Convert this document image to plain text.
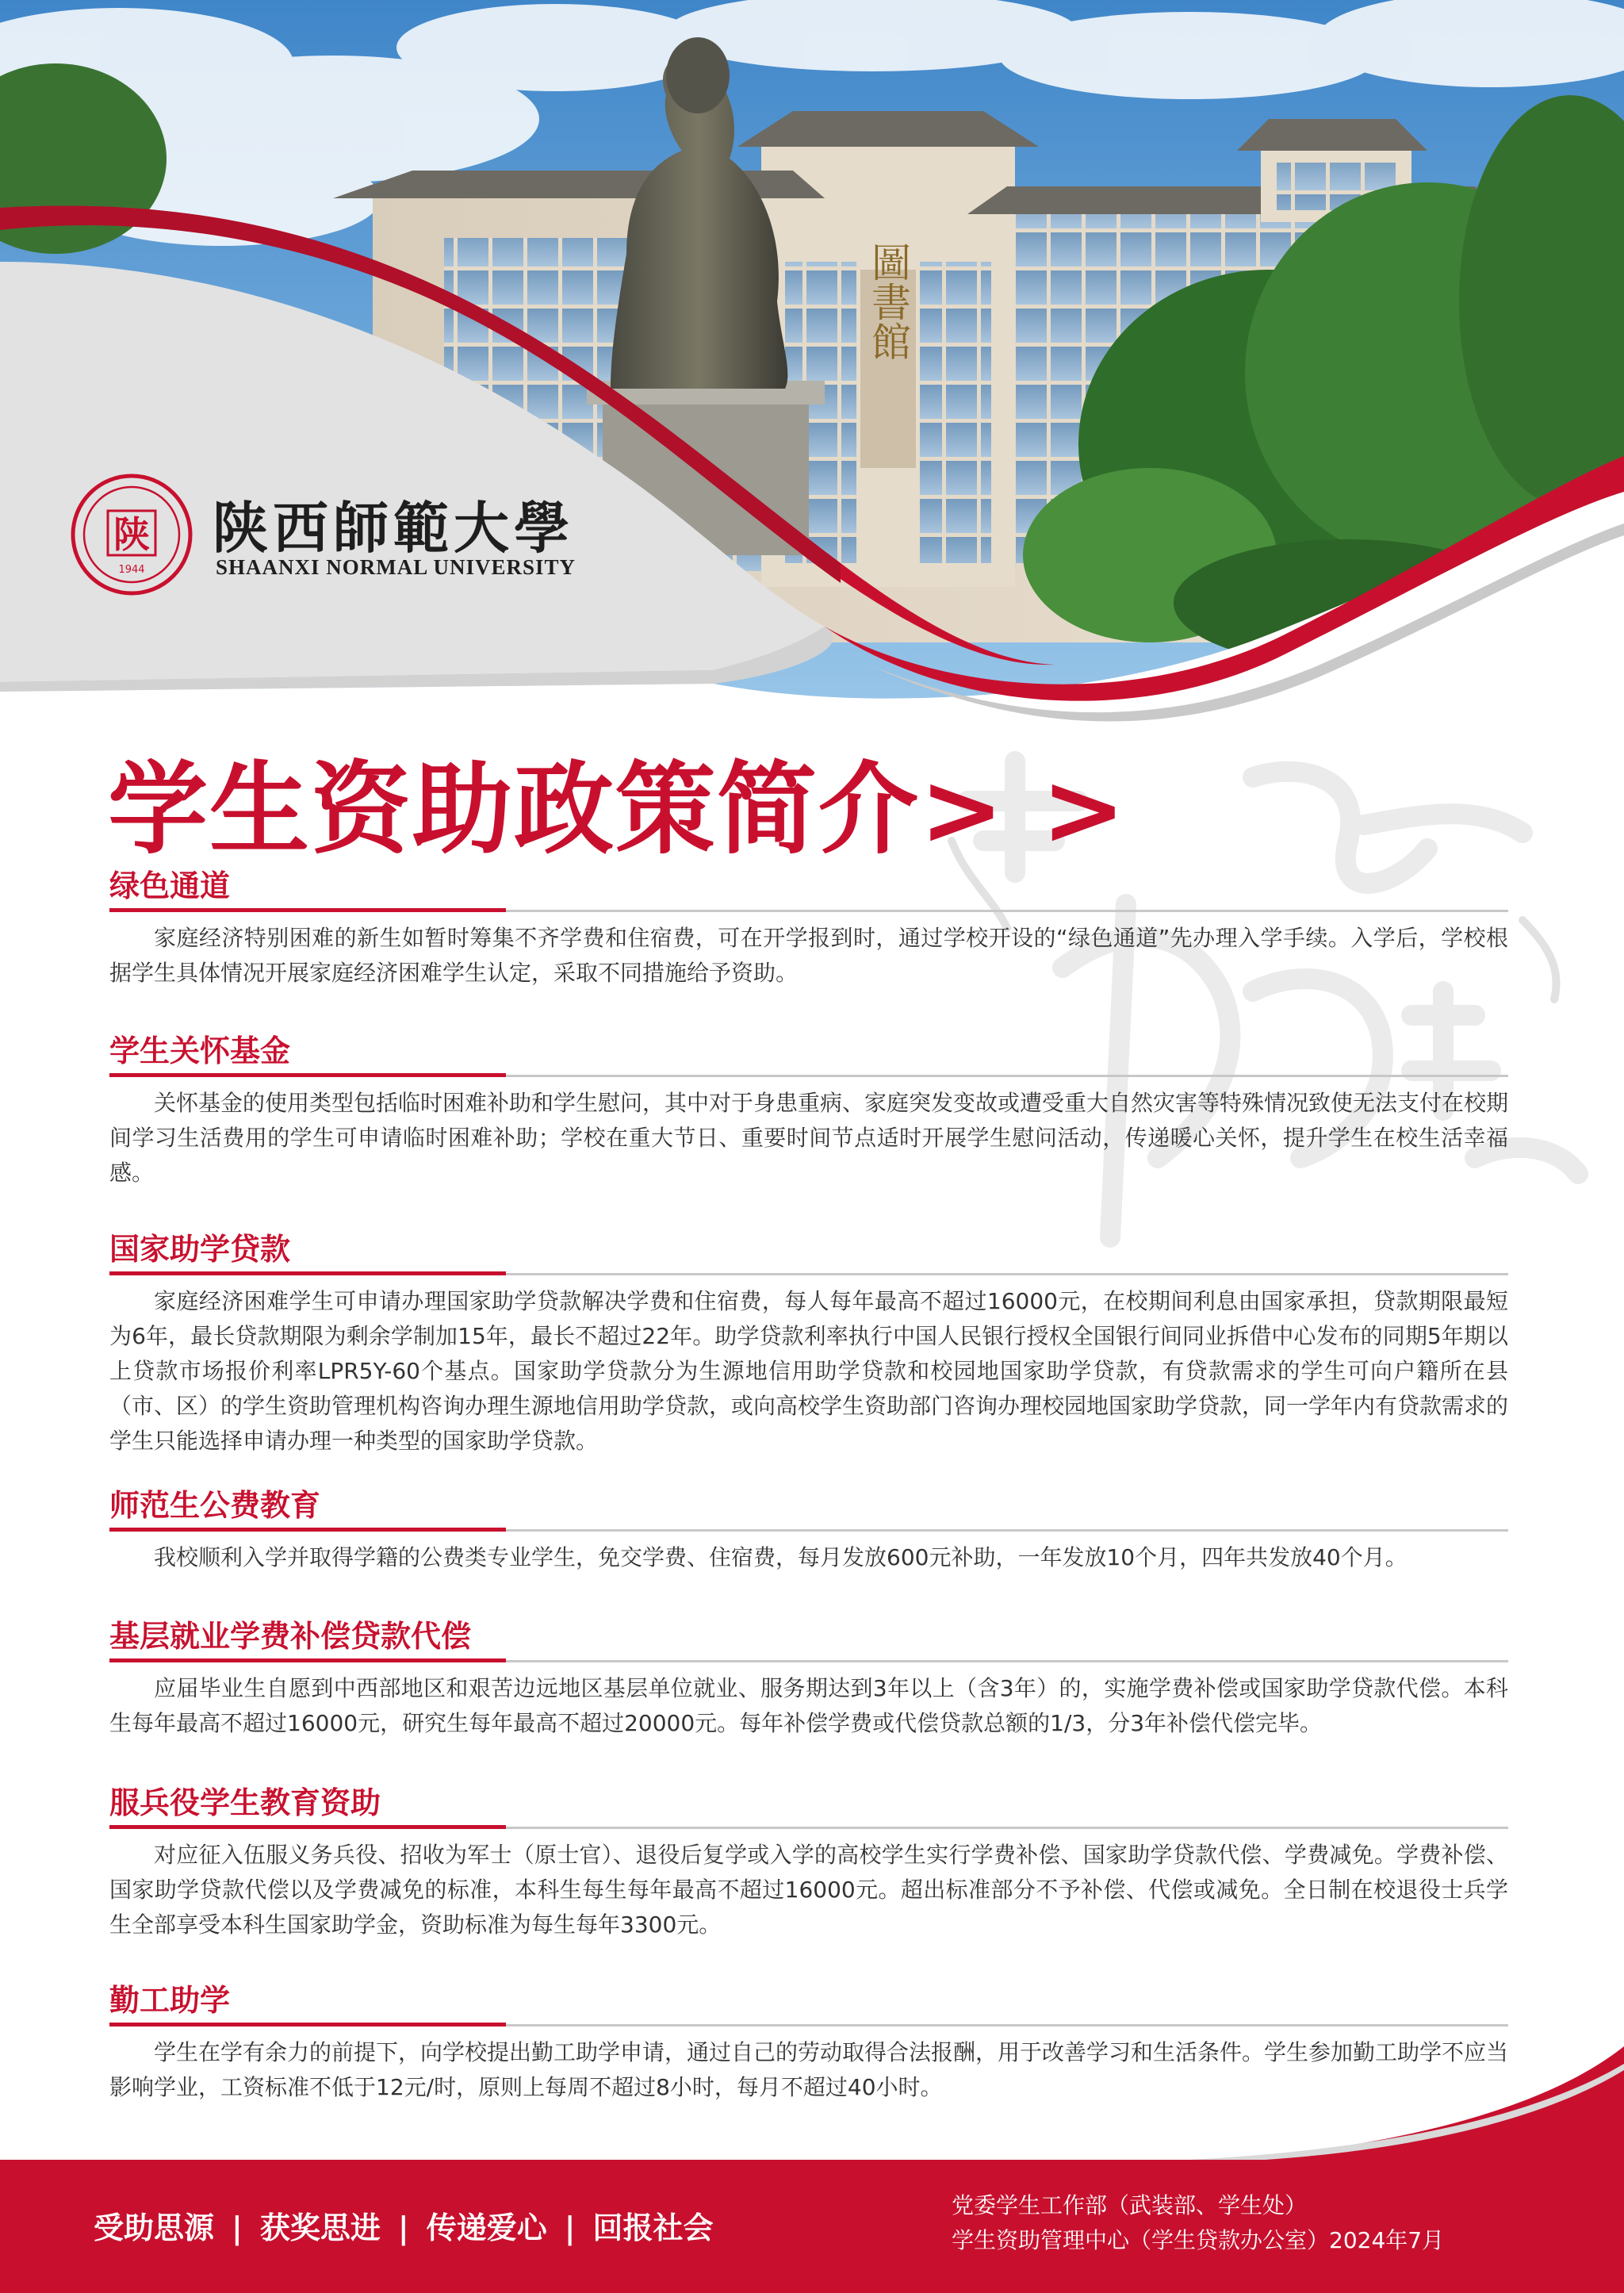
圖書館
陕
1944
陕西師範大學
SHAANXI NORMAL UNIVERSITY
学生资助政策简介> >
绿色通道

家庭经济特别困难的新生如暂时筹集不齐学费和住宿费，可在开学报到时，通过学校开设的“绿色通道”先办理入学手续。入学后，学校根据学生具体情况开展家庭经济困难学生认定，采取不同措施给予资助。

学生关怀基金

关怀基金的使用类型包括临时困难补助和学生慰问，其中对于身患重病、家庭突发变故或遭受重大自然灾害等特殊情况致使无法支付在校期间学习生活费用的学生可申请临时困难补助；学校在重大节日、重要时间节点适时开展学生慰问活动，传递暖心关怀，提升学生在校生活幸福感。

国家助学贷款

家庭经济困难学生可申请办理国家助学贷款解决学费和住宿费，每人每年最高不超过16000元，在校期间利息由国家承担，贷款期限最短为6年，最长贷款期限为剩余学制加15年，最长不超过22年。助学贷款利率执行中国人民银行授权全国银行间同业拆借中心发布的同期5年期以上贷款市场报价利率LPR5Y-60个基点。国家助学贷款分为生源地信用助学贷款和校园地国家助学贷款，有贷款需求的学生可向户籍所在县（市、区）的学生资助管理机构咨询办理生源地信用助学贷款，或向高校学生资助部门咨询办理校园地国家助学贷款，同一学年内有贷款需求的学生只能选择申请办理一种类型的国家助学贷款。

师范生公费教育

我校顺利入学并取得学籍的公费类专业学生，免交学费、住宿费，每月发放600元补助，一年发放10个月，四年共发放40个月。

基层就业学费补偿贷款代偿

应届毕业生自愿到中西部地区和艰苦边远地区基层单位就业、服务期达到3年以上（含3年）的，实施学费补偿或国家助学贷款代偿。本科生每年最高不超过16000元，研究生每年最高不超过20000元。每年补偿学费或代偿贷款总额的1/3，分3年补偿代偿完毕。

服兵役学生教育资助

对应征入伍服义务兵役、招收为军士（原士官）、退役后复学或入学的高校学生实行学费补偿、国家助学贷款代偿、学费减免。学费补偿、国家助学贷款代偿以及学费减免的标准，本科生每生每年最高不超过16000元。超出标准部分不予补偿、代偿或减免。全日制在校退役士兵学生全部享受本科生国家助学金，资助标准为每生每年3300元。

勤工助学

学生在学有余力的前提下，向学校提出勤工助学申请，通过自己的劳动取得合法报酬，用于改善学习和生活条件。学生参加勤工助学不应当影响学业，工资标准不低于12元/时，原则上每周不超过8小时，每月不超过40小时。

受助思源 | 获奖思进 | 传递爱心 | 回报社会

党委学生工作部（武装部、学生处）
学生资助管理中心（学生贷款办公室）2024年7月
